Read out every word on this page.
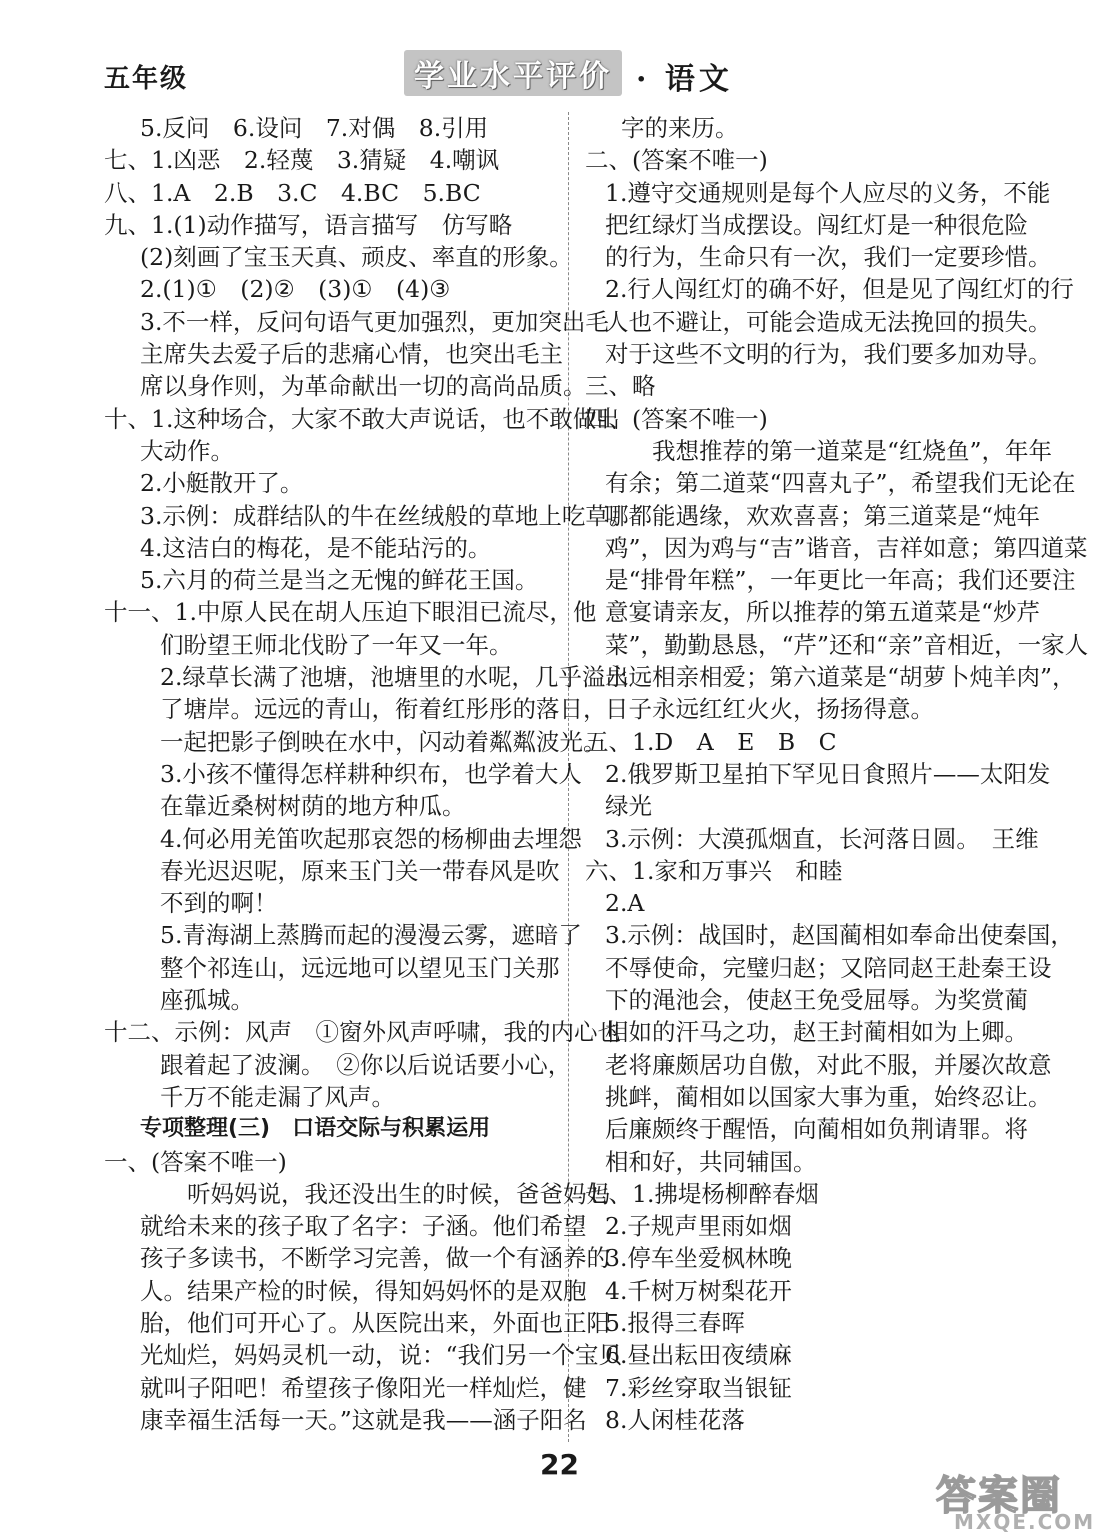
五年级	学业水平评价 · 语文
5.反问　6.设问　7.对偶　8.引用
七、1.凶恶　2.轻蔑　3.猜疑　4.嘲讽
八、1.A　2.B　3.C　4.BC　5.BC
九、1.(1)动作描写，语言描写　仿写略
(2)刻画了宝玉天真、顽皮、率直的形象。
2.(1)①　(2)②　(3)①　(4)③
3.不一样，反问句语气更加强烈，更加突出毛
主席失去爱子后的悲痛心情，也突出毛主
席以身作则，为革命献出一切的高尚品质。
十、1.这种场合，大家不敢大声说话，也不敢做出
大动作。
2.小艇散开了。
3.示例：成群结队的牛在丝绒般的草地上吃草。
4.这洁白的梅花，是不能玷污的。
5.六月的荷兰是当之无愧的鲜花王国。
十一、1.中原人民在胡人压迫下眼泪已流尽，他
们盼望王师北伐盼了一年又一年。
2.绿草长满了池塘，池塘里的水呢，几乎溢出
了塘岸。远远的青山，衔着红彤彤的落日，
一起把影子倒映在水中，闪动着粼粼波光。
3.小孩不懂得怎样耕种织布，也学着大人
在靠近桑树树荫的地方种瓜。
4.何必用羌笛吹起那哀怨的杨柳曲去埋怨
春光迟迟呢，原来玉门关一带春风是吹
不到的啊！
5.青海湖上蒸腾而起的漫漫云雾，遮暗了
整个祁连山，远远地可以望见玉门关那
座孤城。
十二、示例：风声　①窗外风声呼啸，我的内心也
跟着起了波澜。　②你以后说话要小心，
千万不能走漏了风声。
专项整理(三)　口语交际与积累运用
一、(答案不唯一)
　　听妈妈说，我还没出生的时候，爸爸妈妈
就给未来的孩子取了名字：子涵。他们希望
孩子多读书，不断学习完善，做一个有涵养的
人。结果产检的时候，得知妈妈怀的是双胞
胎，他们可开心了。从医院出来，外面也正阳
光灿烂，妈妈灵机一动，说：“我们另一个宝贝
就叫子阳吧！希望孩子像阳光一样灿烂，健
康幸福生活每一天。”这就是我——涵子阳名
字的来历。
二、(答案不唯一)
1.遵守交通规则是每个人应尽的义务，不能
把红绿灯当成摆设。闯红灯是一种很危险
的行为，生命只有一次，我们一定要珍惜。
2.行人闯红灯的确不好，但是见了闯红灯的行
人也不避让，可能会造成无法挽回的损失。
对于这些不文明的行为，我们要多加劝导。
三、略
四、(答案不唯一)
　　我想推荐的第一道菜是“红烧鱼”，年年
有余；第二道菜“四喜丸子”，希望我们无论在
哪都能遇缘，欢欢喜喜；第三道菜是“炖年
鸡”，因为鸡与“吉”谐音，吉祥如意；第四道菜
是“排骨年糕”，一年更比一年高；我们还要注
意宴请亲友，所以推荐的第五道菜是“炒芹
菜”，勤勤恳恳，“芹”还和“亲”音相近，一家人
永远相亲相爱；第六道菜是“胡萝卜炖羊肉”，
日子永远红红火火，扬扬得意。
五、1.D　A　E　B　C
2.俄罗斯卫星拍下罕见日食照片——太阳发
绿光
3.示例：大漠孤烟直，长河落日圆。　王维
六、1.家和万事兴　和睦
2.A
3.示例：战国时，赵国蔺相如奉命出使秦国，
不辱使命，完璧归赵；又陪同赵王赴秦王设
下的渑池会，使赵王免受屈辱。为奖赏蔺
相如的汗马之功，赵王封蔺相如为上卿。
老将廉颇居功自傲，对此不服，并屡次故意
挑衅，蔺相如以国家大事为重，始终忍让。
后廉颇终于醒悟，向蔺相如负荆请罪。将
相和好，共同辅国。
七、1.拂堤杨柳醉春烟
2.子规声里雨如烟
3.停车坐爱枫林晚
4.千树万树梨花开
5.报得三春晖
6.昼出耘田夜绩麻
7.彩丝穿取当银钲
8.人闲桂花落
22
答案圈
MXQE.COM
